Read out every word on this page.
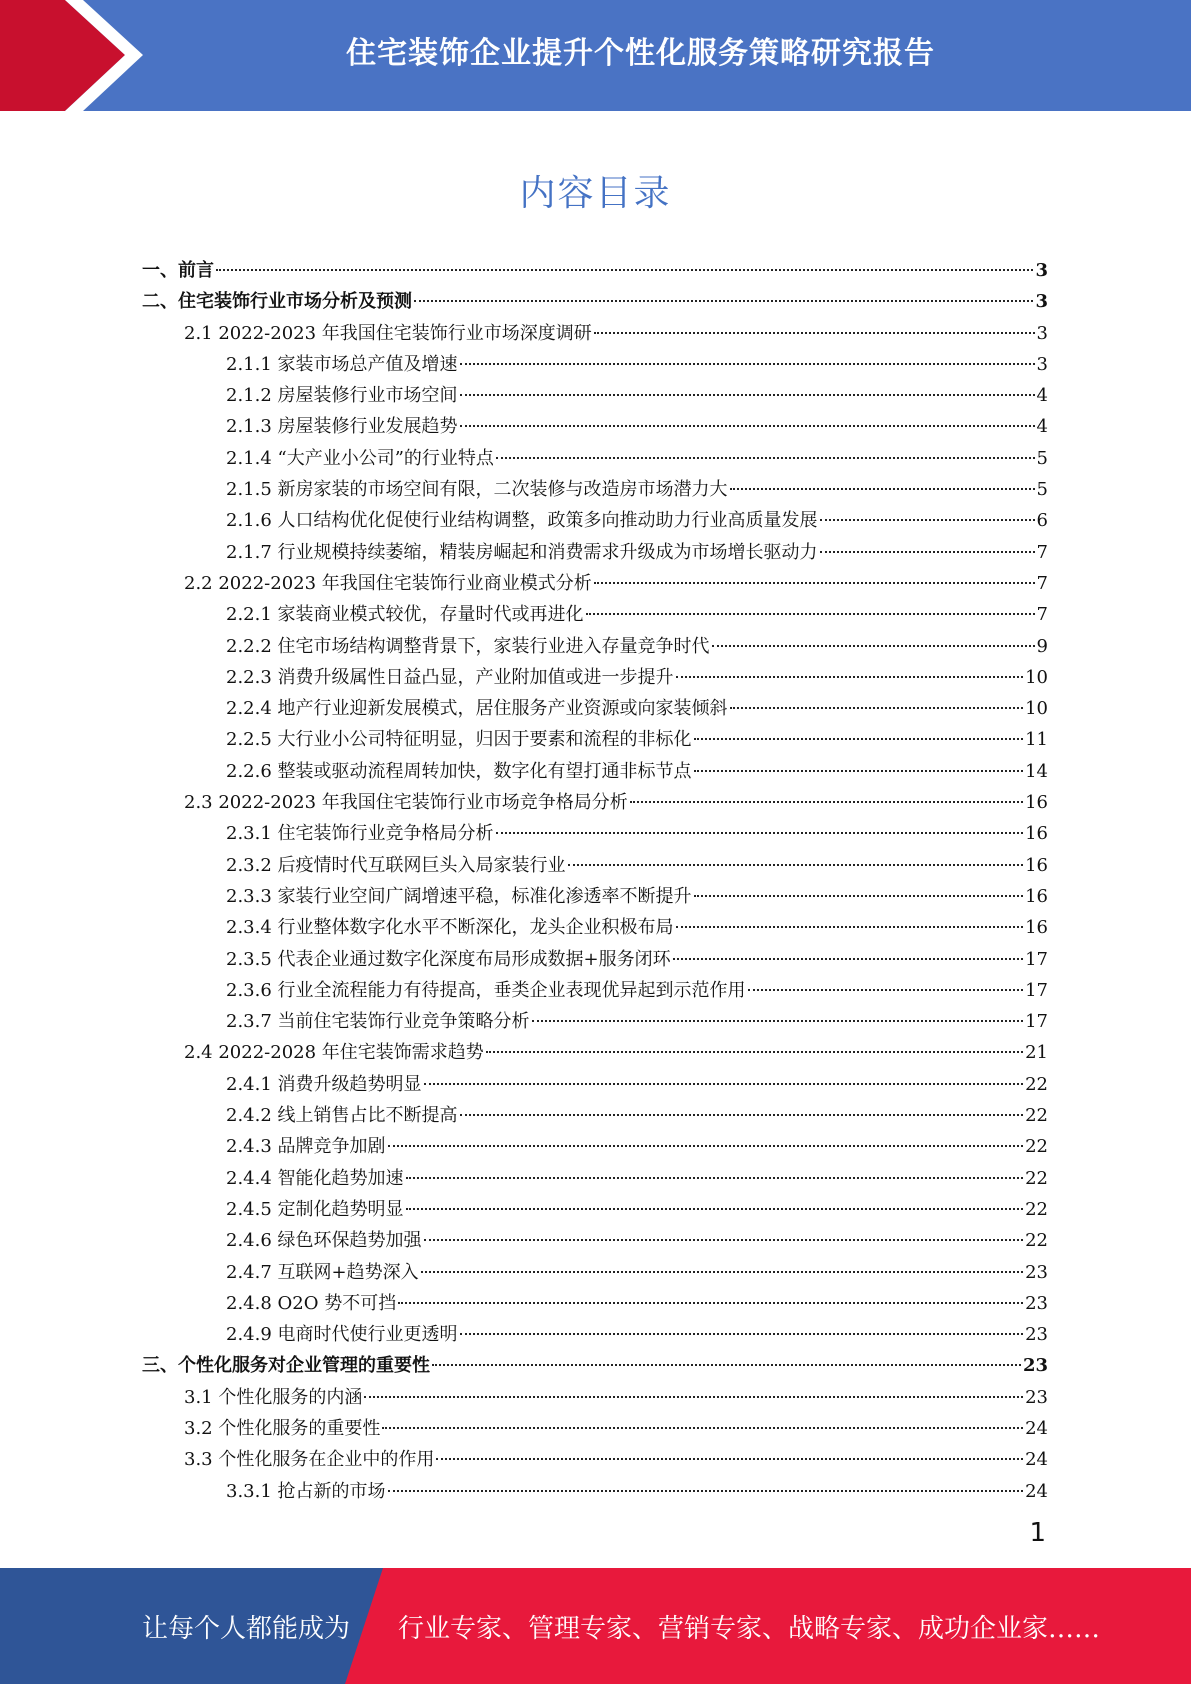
住宅装饰企业提升个性化服务策略研究报告
内容目录
一、前言	3
二、住宅装饰行业市场分析及预测	3
2.1 2022-2023 年我国住宅装饰行业市场深度调研	3
2.1.1 家装市场总产值及增速	3
2.1.2 房屋装修行业市场空间	4
2.1.3 房屋装修行业发展趋势	4
2.1.4 “大产业小公司”的行业特点	5
2.1.5 新房家装的市场空间有限，二次装修与改造房市场潜力大	5
2.1.6 人口结构优化促使行业结构调整，政策多向推动助力行业高质量发展	6
2.1.7 行业规模持续萎缩，精装房崛起和消费需求升级成为市场增长驱动力	7
2.2 2022-2023 年我国住宅装饰行业商业模式分析	7
2.2.1 家装商业模式较优，存量时代或再进化	7
2.2.2 住宅市场结构调整背景下，家装行业进入存量竞争时代	9
2.2.3 消费升级属性日益凸显，产业附加值或进一步提升	10
2.2.4 地产行业迎新发展模式，居住服务产业资源或向家装倾斜	10
2.2.5 大行业小公司特征明显，归因于要素和流程的非标化	11
2.2.6 整装或驱动流程周转加快，数字化有望打通非标节点	14
2.3 2022-2023 年我国住宅装饰行业市场竞争格局分析	16
2.3.1 住宅装饰行业竞争格局分析	16
2.3.2 后疫情时代互联网巨头入局家装行业	16
2.3.3 家装行业空间广阔增速平稳，标准化渗透率不断提升	16
2.3.4 行业整体数字化水平不断深化，龙头企业积极布局	16
2.3.5 代表企业通过数字化深度布局形成数据+服务闭环	17
2.3.6 行业全流程能力有待提高，垂类企业表现优异起到示范作用	17
2.3.7 当前住宅装饰行业竞争策略分析	17
2.4 2022-2028 年住宅装饰需求趋势	21
2.4.1 消费升级趋势明显	22
2.4.2 线上销售占比不断提高	22
2.4.3 品牌竞争加剧	22
2.4.4 智能化趋势加速	22
2.4.5 定制化趋势明显	22
2.4.6 绿色环保趋势加强	22
2.4.7 互联网+趋势深入	23
2.4.8 O2O 势不可挡	23
2.4.9 电商时代使行业更透明	23
三、个性化服务对企业管理的重要性	23
3.1 个性化服务的内涵	23
3.2 个性化服务的重要性	24
3.3 个性化服务在企业中的作用	24
3.3.1 抢占新的市场	24
1
让每个人都能成为 行业专家、管理专家、营销专家、战略专家、成功企业家……
